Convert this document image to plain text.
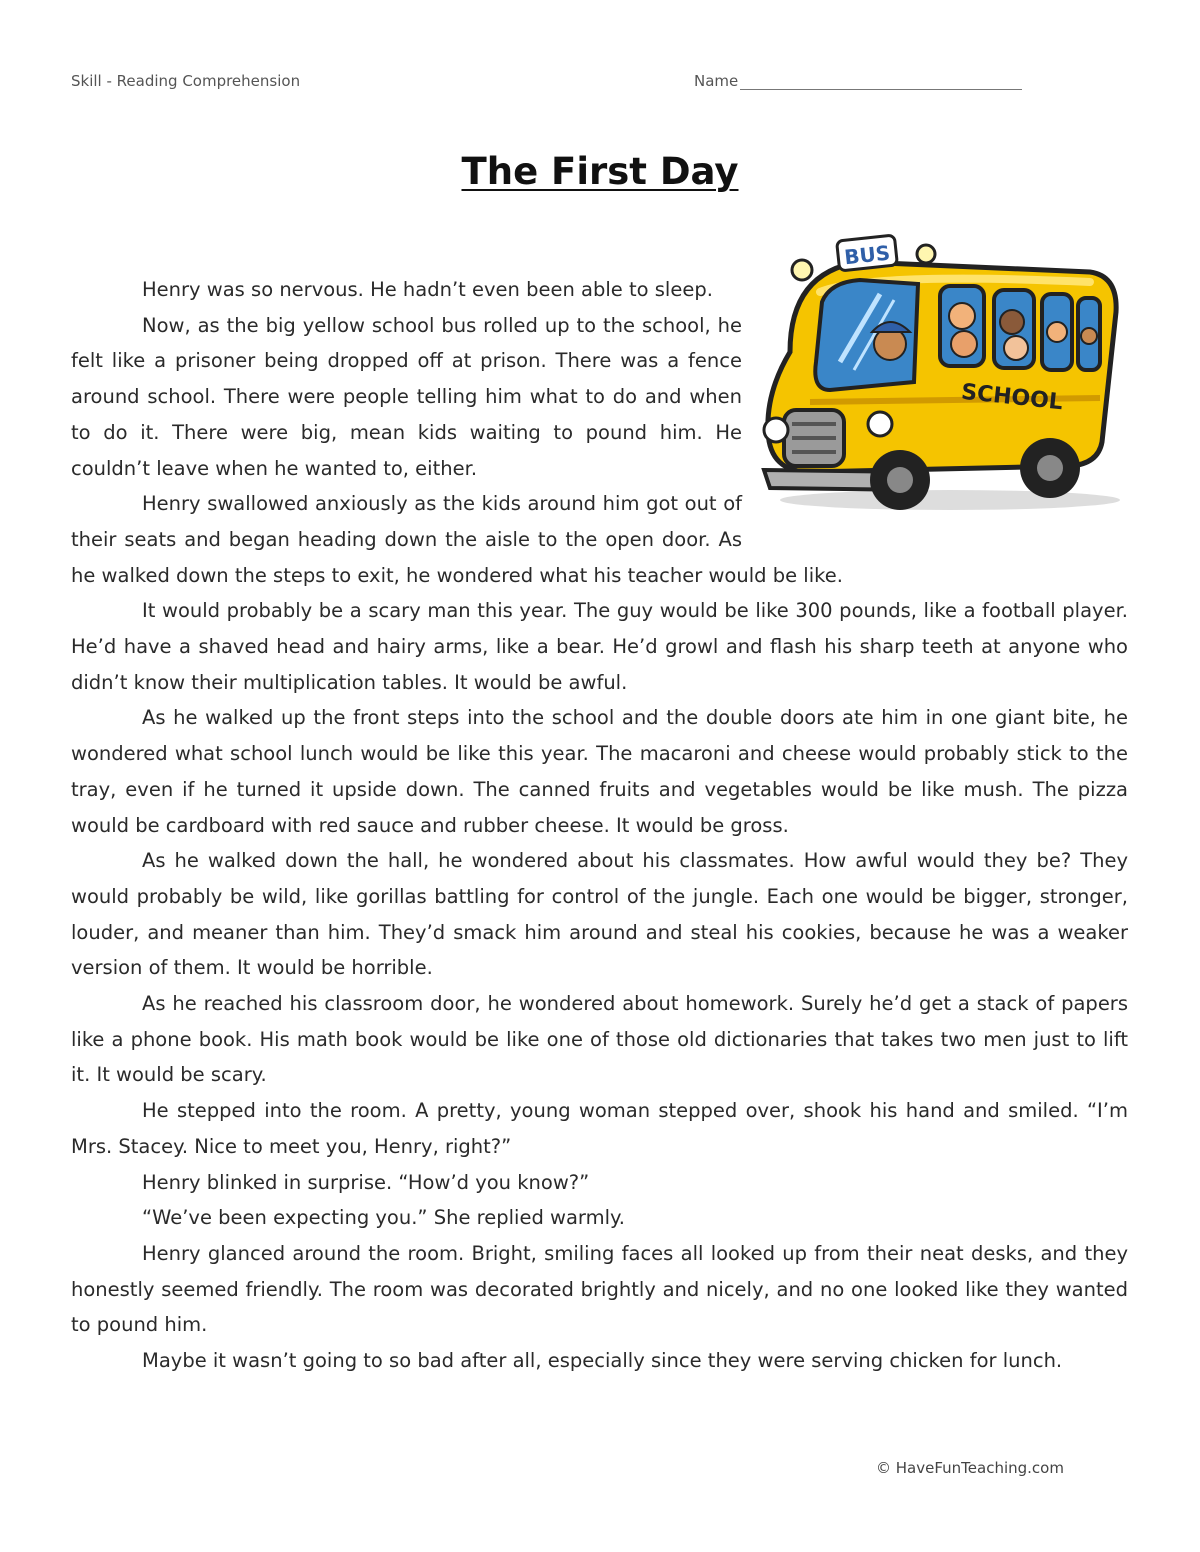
Skill - Reading Comprehension	Name
The First Day
SCHOOL
BUS

Henry was so nervous. He hadn’t even been able to sleep.

Now, as the big yellow school bus rolled up to the school, he felt like a prisoner being dropped off at prison. There was a fence around school. There were people telling him what to do and when to do it. There were big, mean kids waiting to pound him. He couldn’t leave when he wanted to, either.

Henry swallowed anxiously as the kids around him got out of their seats and began heading down the aisle to the open door. As he walked down the steps to exit, he wondered what his teacher would be like.

It would probably be a scary man this year. The guy would be like 300 pounds, like a football player. He’d have a shaved head and hairy arms, like a bear. He’d growl and flash his sharp teeth at anyone who didn’t know their multiplication tables. It would be awful.

As he walked up the front steps into the school and the double doors ate him in one giant bite, he wondered what school lunch would be like this year. The macaroni and cheese would probably stick to the tray, even if he turned it upside down. The canned fruits and vegetables would be like mush. The pizza would be cardboard with red sauce and rubber cheese. It would be gross.

As he walked down the hall, he wondered about his classmates. How awful would they be? They would probably be wild, like gorillas battling for control of the jungle. Each one would be bigger, stronger, louder, and meaner than him. They’d smack him around and steal his cookies, because he was a weaker version of them. It would be horrible.

As he reached his classroom door, he wondered about homework. Surely he’d get a stack of papers like a phone book. His math book would be like one of those old dictionaries that takes two men just to lift it. It would be scary.

He stepped into the room. A pretty, young woman stepped over, shook his hand and smiled. “I’m Mrs. Stacey. Nice to meet you, Henry, right?”

Henry blinked in surprise. “How’d you know?”

“We’ve been expecting you.” She replied warmly.

Henry glanced around the room. Bright, smiling faces all looked up from their neat desks, and they honestly seemed friendly. The room was decorated brightly and nicely, and no one looked like they wanted to pound him.

Maybe it wasn’t going to so bad after all, especially since they were serving chicken for lunch.

© HaveFunTeaching.com
